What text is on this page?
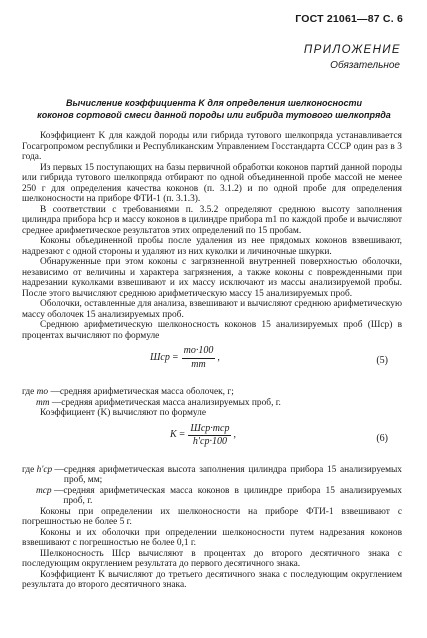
ГОСТ 21061—87 С. 6
ПРИЛОЖЕНИЕ
Обязательное
Вычисление коэффициента K для определения шелконосности
коконов сортовой смеси данной породы или гибрида тутового шелкопряда

Коэффициент K для каждой породы или гибрида тутового шелкопряда устанавливается Госагропромом республики и Республиканским Управлением Госстандарта СССР один раз в 3 года.

Из первых 15 поступающих на базы первичной обработки коконов партий данной породы или гибрида тутового шелкопряда отбирают по одной объединенной пробе массой не менее 250 г для определения качества коконов (п. 3.1.2) и по одной пробе для определения шелконосности на приборе ФТИ-1 (п. 3.1.3).

В соответствии с требованиями п. 3.5.2 определяют среднюю высоту заполнения цилиндра прибора hср и массу коконов в цилиндре прибора m1 по каждой пробе и вычисляют среднее арифметическое результатов этих определений по 15 пробам.

Коконы объединенной пробы после удаления из нее прядомых коконов взвешивают, надрезают с одной стороны и удаляют из них куколки и личиночные шкурки.

Обнаруженные при этом коконы с загрязненной внутренней поверхностью оболочки, независимо от величины и характера загрязнения, а также коконы с поврежденными при надрезании куколками взвешивают и их массу исключают из массы анализируемой пробы. После этого вычисляют среднюю арифметическую массу 15 анализируемых проб.

Оболочки, оставленные для анализа, взвешивают и вычисляют среднюю арифметическую массу оболочек 15 анализируемых проб.

Среднюю арифметическую шелконосность коконов 15 анализируемых проб (Шср) в процентах вычисляют по формуле

Шср = $\frac{mо\cdot 100}{mт}$ ,	(5)
где mо — средняя арифметическая масса оболочек, г;
mт — средняя арифметическая масса анализируемых проб, г.

Коэффициент (K) вычисляют по формуле

$K = \frac{\text{Шср·mср}}{h'ср\cdot 100}$ ,	(6)
где h'ср — средняя арифметическая высота заполнения цилиндра прибора 15 анализируемых проб, мм;
mср — средняя арифметическая масса коконов в цилиндре прибора 15 анализируемых проб, г.

Коконы при определении их шелконосности на приборе ФТИ-1 взвешивают с погрешностью не более 5 г.

Коконы и их оболочки при определении шелконосности путем надрезания коконов взвешивают с погрешностью не более 0,1 г.

Шелконосность Шср вычисляют в процентах до второго десятичного знака с последующим округлением результата до первого десятичного знака.

Коэффициент K вычисляют до третьего десятичного знака с последующим округлением результата до второго десятичного знака.
